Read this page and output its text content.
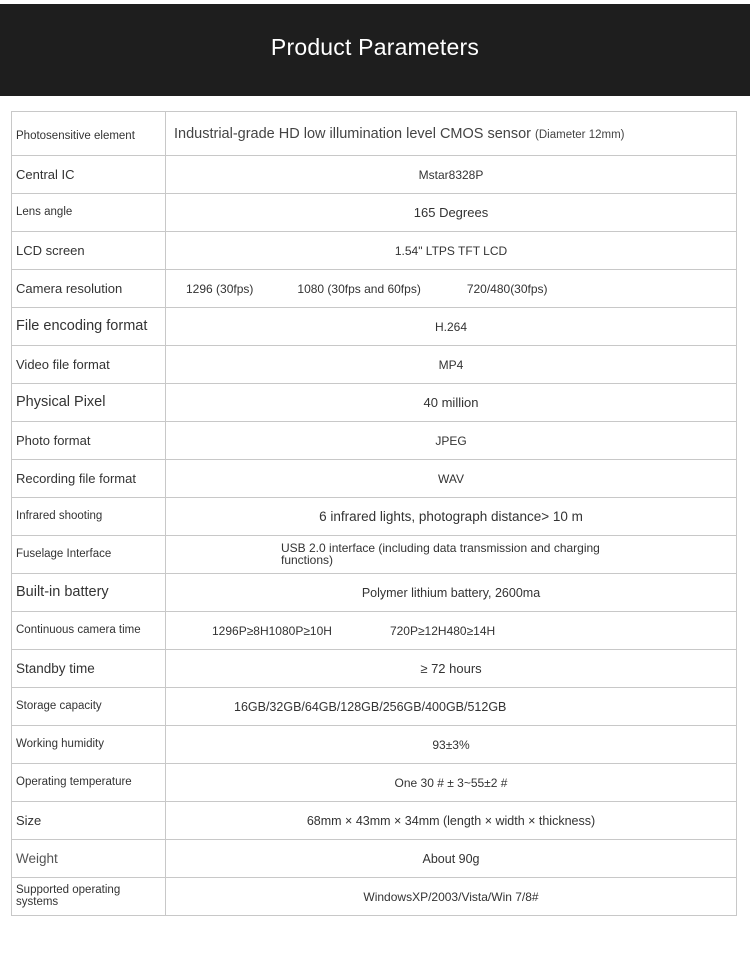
Product Parameters
Photosensitive element	Industrial-grade HD low illumination level CMOS sensor (Diameter 12mm)
Central IC	Mstar8328P
Lens angle	165 Degrees
LCD screen	1.54" LTPS TFT LCD
Camera resolution	1296 (30fps) 1080 (30fps and 60fps) 720/480(30fps)

File encoding format	H.264
Video file format	MP4
Physical Pixel	40 million
Photo format	JPEG
Recording file format	WAV
Infrared shooting	6 infrared lights, photograph distance> 10 m
Fuselage Interface	USB 2.0 interface (including data transmission and charging functions)
Built-in battery	Polymer lithium battery, 2600ma
Continuous camera time	1296P≥8H1080P≥10H 720P≥12H480≥14H

Standby time	≥ 72 hours
Storage capacity	16GB/32GB/64GB/128GB/256GB/400GB/512GB
Working humidity	93±3%
Operating temperature	One 30 # ± 3~55±2 #
Size	68mm × 43mm × 34mm (length × width × thickness)
Weight	About 90g
Supported operating systems	WindowsXP/2003/Vista/Win 7/8#
